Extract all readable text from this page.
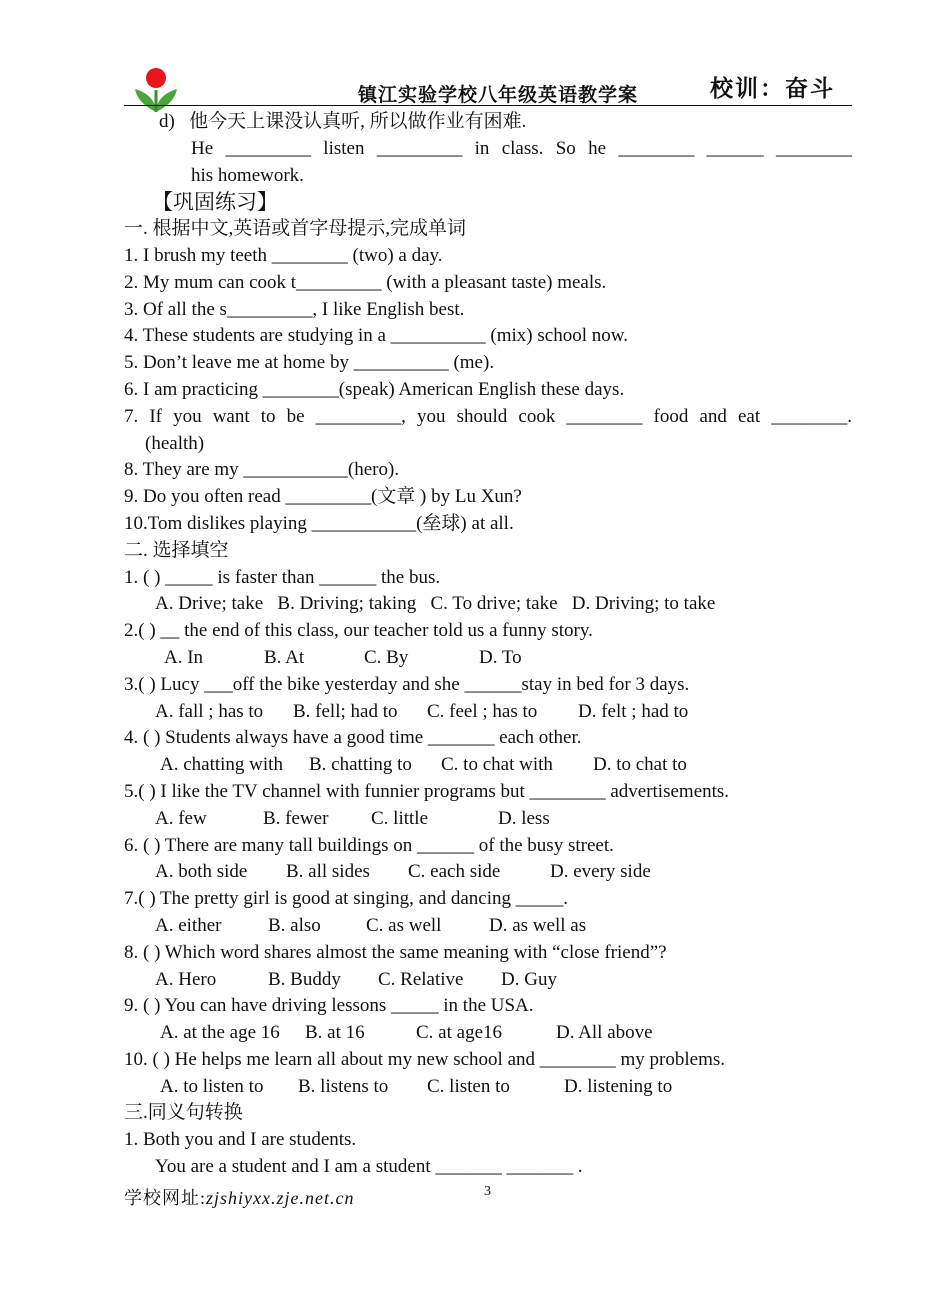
镇江实验学校八年级英语教学案	校训：奋斗
d) 他今天上课没认真听, 所以做作业有困难.
He _________ listen _________ in class. So he ________ ______ ________
his homework.
【巩固练习】
一. 根据中文,英语或首字母提示,完成单词
1. I brush my teeth ________ (two) a day.
2. My mum can cook t_________ (with a pleasant taste) meals.
3. Of all the s_________, I like English best.
4. These students are studying in a __________ (mix) school now.
5. Don’t leave me at home by __________ (me).
6. I am practicing ________(speak) American English these days.
7. If you want to be _________, you should cook ________ food and eat ________.
(health)
8. They are my ___________(hero).
9. Do you often read _________(文章 ) by Lu Xun?
10.Tom dislikes playing ___________(垒球) at all.
二. 选择填空
1. ( ) _____ is faster than ______ the bus.
A. Drive; take B. Driving; taking C. To drive; take D. Driving; to take
2.( ) __ the end of this class, our teacher told us a funny story.
A. In	B. At	C. By	D. To
3.( ) Lucy ___off the bike yesterday and she ______stay in bed for 3 days.
A. fall ; has to B. fell; had to C. feel ; has to D. felt ; had to
4. ( ) Students always have a good time _______ each other.
A. chatting with B. chatting to C. to chat with D. to chat to
5.( ) I like the TV channel with funnier programs but ________ advertisements.
A. few	B. fewer C. little	D. less
6. ( ) There are many tall buildings on ______ of the busy street.
A. both side B. all sides C. each side	D. every side
7.( ) The pretty girl is good at singing, and dancing _____.
A. either B. also C. as well	D. as well as
8. ( ) Which word shares almost the same meaning with “close friend”?
A. Hero	B. Buddy C. Relative D. Guy
9. ( ) You can have driving lessons _____ in the USA.
A. at the age 16 B. at 16	C. at age16	D. All above
10. ( ) He helps me learn all about my new school and ________ my problems.
A. to listen to B. listens to C. listen to	D. listening to
三.同义句转换
1. Both you and I are students.
You are a student and I am a student _______ _______ .
学校网址:zjshiyxx.zje.net.cn	3
